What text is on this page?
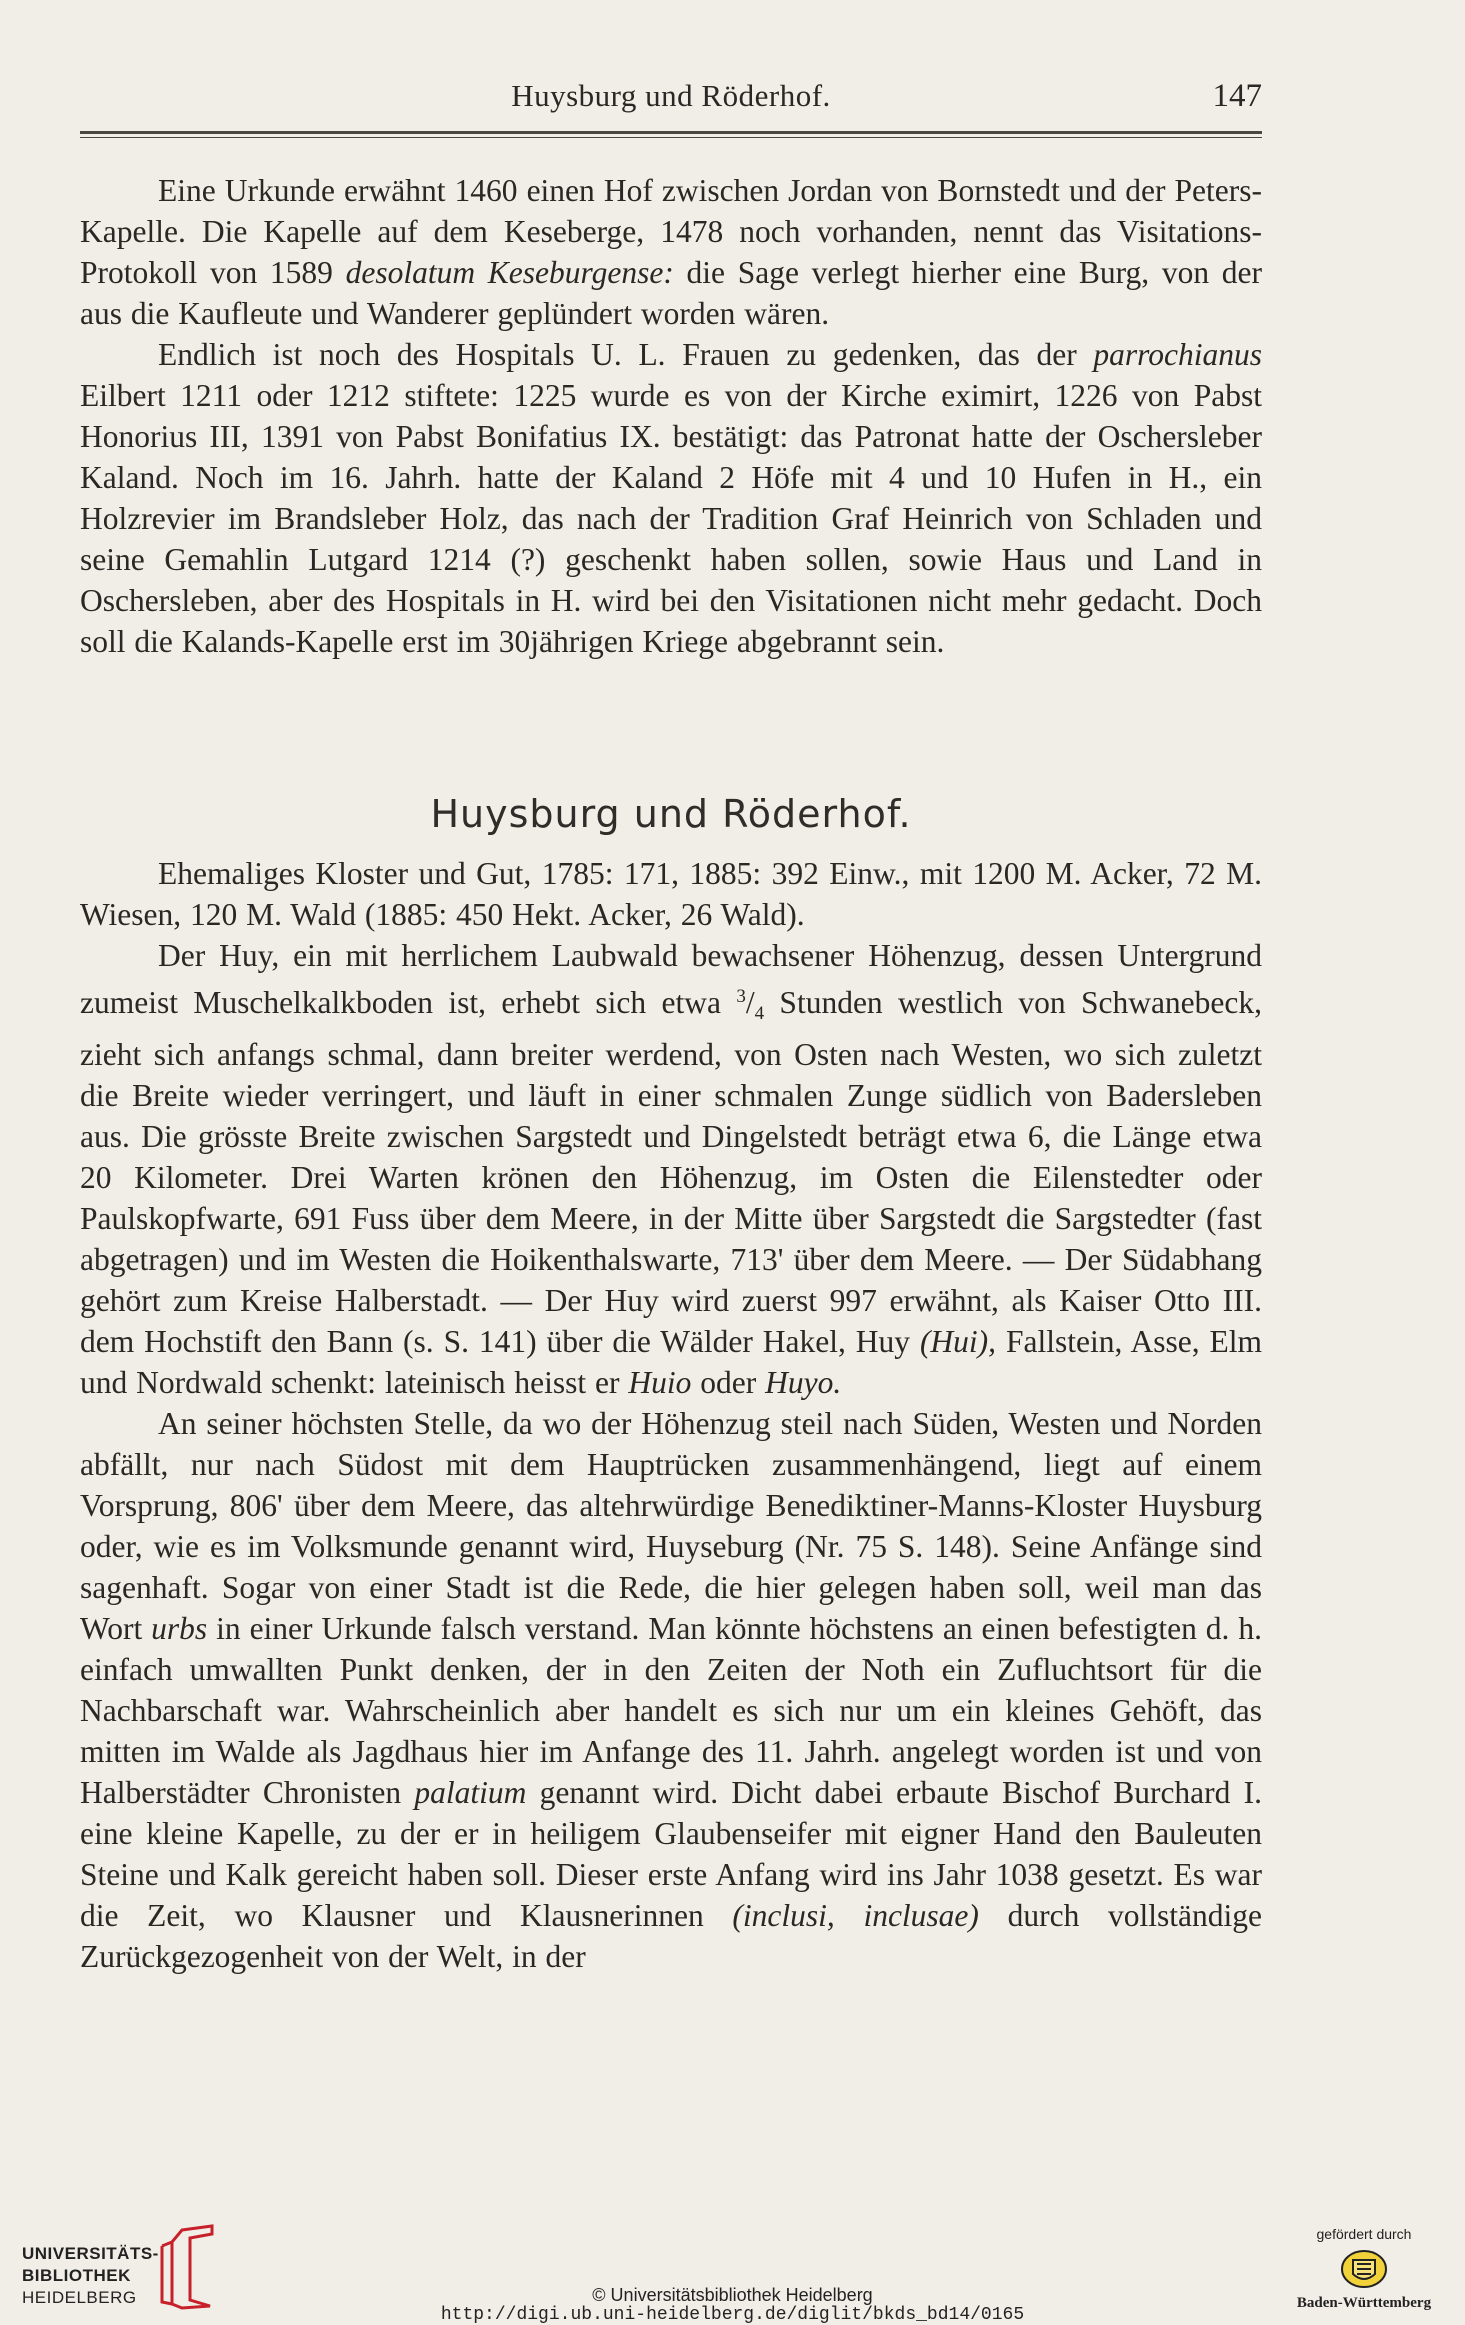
Huysburg und Röderhof.	147

Eine Urkunde erwähnt 1460 einen Hof zwischen Jordan von Bornstedt und der Peters-Kapelle. Die Kapelle auf dem Keseberge, 1478 noch vorhanden, nennt das Visitations-Protokoll von 1589 desolatum Keseburgense: die Sage verlegt hierher eine Burg, von der aus die Kaufleute und Wanderer geplündert worden wären.

Endlich ist noch des Hospitals U. L. Frauen zu gedenken, das der parrochianus Eilbert 1211 oder 1212 stiftete: 1225 wurde es von der Kirche eximirt, 1226 von Pabst Honorius III, 1391 von Pabst Bonifatius IX. bestätigt: das Patronat hatte der Oschersleber Kaland. Noch im 16. Jahrh. hatte der Kaland 2 Höfe mit 4 und 10 Hufen in H., ein Holzrevier im Brandsleber Holz, das nach der Tradition Graf Heinrich von Schladen und seine Gemahlin Lutgard 1214 (?) geschenkt haben sollen, sowie Haus und Land in Oschersleben, aber des Hospitals in H. wird bei den Visitationen nicht mehr gedacht. Doch soll die Kalands-Kapelle erst im 30jährigen Kriege abgebrannt sein.

Huysburg und Röderhof.

Ehemaliges Kloster und Gut, 1785: 171, 1885: 392 Einw., mit 1200 M. Acker, 72 M. Wiesen, 120 M. Wald (1885: 450 Hekt. Acker, 26 Wald).

Der Huy, ein mit herrlichem Laubwald bewachsener Höhenzug, dessen Untergrund zumeist Muschelkalkboden ist, erhebt sich etwa $^3/_4$ Stunden westlich von Schwanebeck, zieht sich anfangs schmal, dann breiter werdend, von Osten nach Westen, wo sich zuletzt die Breite wieder verringert, und läuft in einer schmalen Zunge südlich von Badersleben aus. Die grösste Breite zwischen Sargstedt und Dingelstedt beträgt etwa 6, die Länge etwa 20 Kilometer. Drei Warten krönen den Höhenzug, im Osten die Eilenstedter oder Paulskopfwarte, 691 Fuss über dem Meere, in der Mitte über Sargstedt die Sargstedter (fast abgetragen) und im Westen die Hoikenthalswarte, 713' über dem Meere. — Der Südabhang gehört zum Kreise Halberstadt. — Der Huy wird zuerst 997 erwähnt, als Kaiser Otto III. dem Hochstift den Bann (s. S. 141) über die Wälder Hakel, Huy (Hui), Fallstein, Asse, Elm und Nordwald schenkt: lateinisch heisst er Huio oder Huyo.

An seiner höchsten Stelle, da wo der Höhenzug steil nach Süden, Westen und Norden abfällt, nur nach Südost mit dem Hauptrücken zusammenhängend, liegt auf einem Vorsprung, 806' über dem Meere, das altehrwürdige Benediktiner-Manns-Kloster Huysburg oder, wie es im Volksmunde genannt wird, Huyseburg (Nr. 75 S. 148). Seine Anfänge sind sagenhaft. Sogar von einer Stadt ist die Rede, die hier gelegen haben soll, weil man das Wort urbs in einer Urkunde falsch verstand. Man könnte höchstens an einen befestigten d. h. einfach umwallten Punkt denken, der in den Zeiten der Noth ein Zufluchtsort für die Nachbarschaft war. Wahrscheinlich aber handelt es sich nur um ein kleines Gehöft, das mitten im Walde als Jagdhaus hier im Anfange des 11. Jahrh. angelegt worden ist und von Halberstädter Chronisten palatium genannt wird. Dicht dabei erbaute Bischof Burchard I. eine kleine Kapelle, zu der er in heiligem Glaubenseifer mit eigner Hand den Bauleuten Steine und Kalk gereicht haben soll. Dieser erste Anfang wird ins Jahr 1038 gesetzt. Es war die Zeit, wo Klausner und Klausnerinnen (inclusi, inclusae) durch vollständige Zurückgezogenheit von der Welt, in der

UNIVERSITÄTS-
BIBLIOTHEK
HEIDELBERG	© Universitätsbibliothek Heidelberg
http://digi.ub.uni-heidelberg.de/diglit/bkds_bd14/0165
gefördert durch
Baden-Württemberg
